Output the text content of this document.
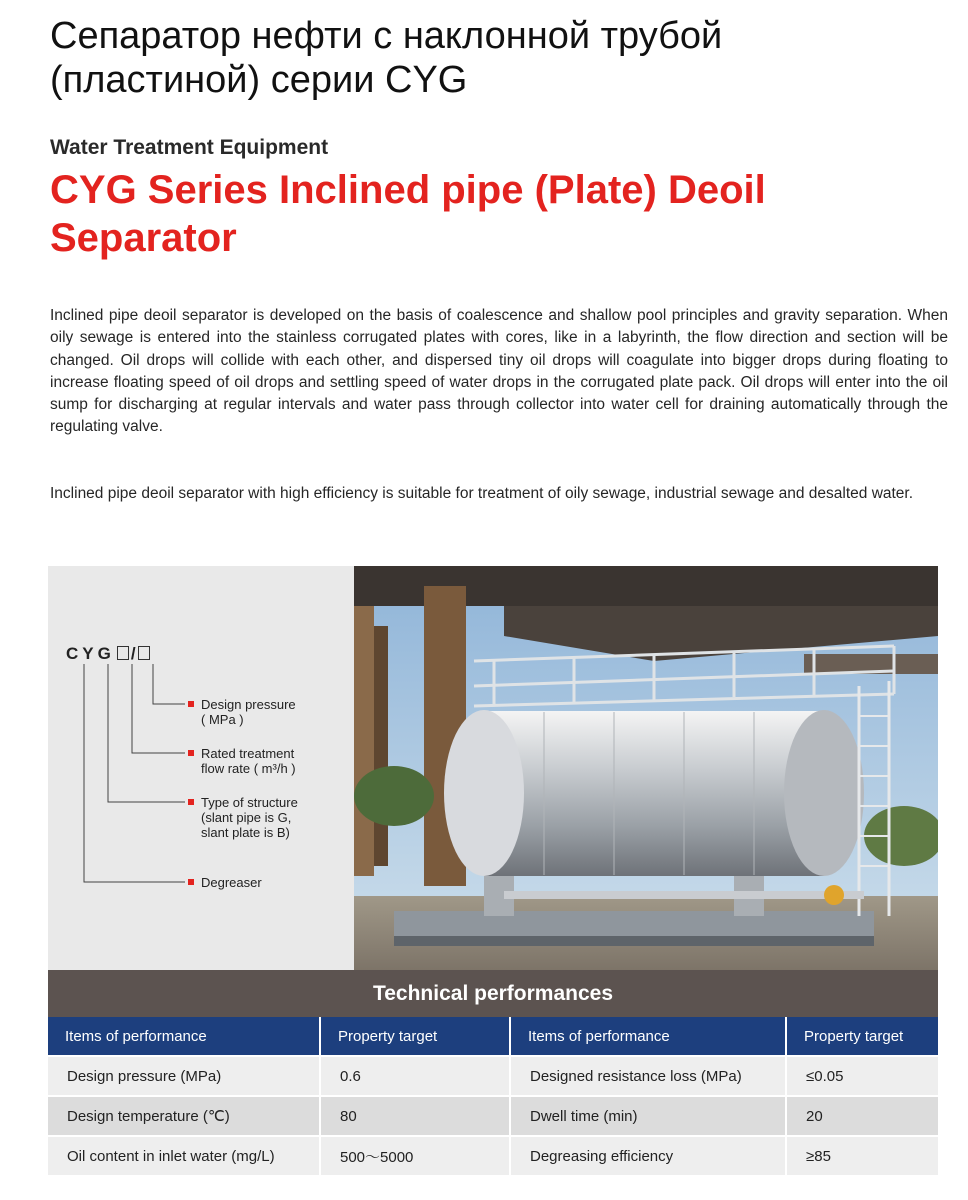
Сепаратор нефти с наклонной трубой (пластиной) серии CYG
Water Treatment Equipment
CYG Series Inclined pipe (Plate) Deoil Separator

Inclined pipe deoil separator is developed on the basis of coalescence and shallow pool principles and gravity separation. When oily sewage is entered into the stainless corrugated plates with cores, like in a labyrinth, the flow direction and section will be changed. Oil drops will collide with each other, and dispersed tiny oil drops will coagulate into bigger drops during floating to increase floating speed of oil drops and settling speed of water drops in the corrugated plate pack. Oil drops will enter into the oil sump for discharging at regular intervals and water pass through collector into water cell for draining automatically through the regulating valve.

Inclined pipe deoil separator with high efficiency is suitable for treatment of oily sewage, industrial sewage and desalted water.

CYG /
Design pressure
( MPa )
Rated treatment
flow rate ( m³/h )
Type of structure
(slant pipe is G,
slant plate is B)
Degreaser
Technical performances
Items of performance	Property target	Items of performance	Property target
Design pressure (MPa)	0.6	Designed resistance loss (MPa)	≤0.05
Design temperature (℃)	80	Dwell time (min)	20
Oil content in inlet water (mg/L)	500～5000	Degreasing efficiency	≥85
